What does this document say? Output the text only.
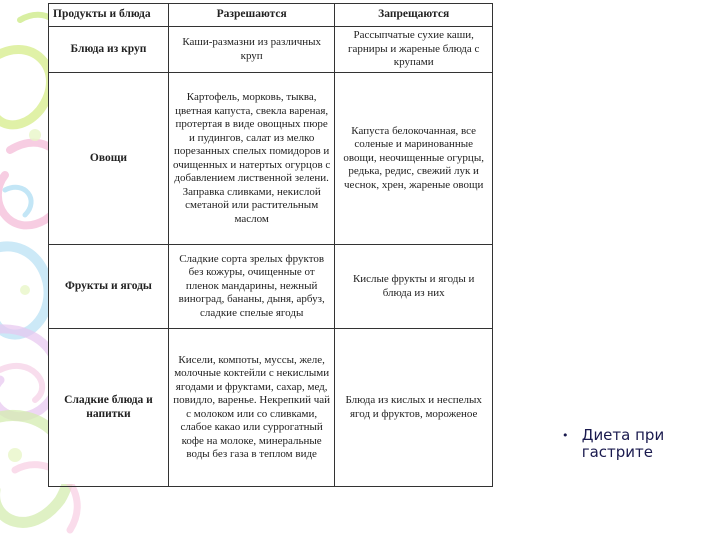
Продукты и блюда	Разрешаются	Запрещаются
Блюда из круп	Каши-размазни из различных круп	Рассыпчатые сухие каши, гарниры и жареные блюда с крупами
Овощи	Картофель, морковь, тыква, цветная капуста, свекла вареная, протертая в виде овощных пюре и пудингов, салат из мелко порезанных спелых помидоров и очищенных и натертых огурцов с добавлением лиственной зелени. Заправка сливками, некислой сметаной или растительным маслом	Капуста белокочанная, все соленые и маринованные овощи, неочищенные огурцы, редька, редис, свежий лук и чеснок, хрен, жареные овощи
Фрукты и ягоды	Сладкие сорта зрелых фруктов без кожуры, очищенные от пленок мандарины, нежный виноград, бананы, дыня, арбуз, сладкие спелые ягоды	Кислые фрукты и ягоды и блюда из них
Сладкие блюда и напитки	Кисели, компоты, муссы, желе, молочные коктейли с некислыми ягодами и фруктами, сахар, мед, повидло, варенье. Некрепкий чай с молоком или со сливками, слабое какао или суррогатный кофе на молоке, минеральные воды без газа в теплом виде	Блюда из кислых и неспелых ягод и фруктов, мороженое
• Диета при гастрите
